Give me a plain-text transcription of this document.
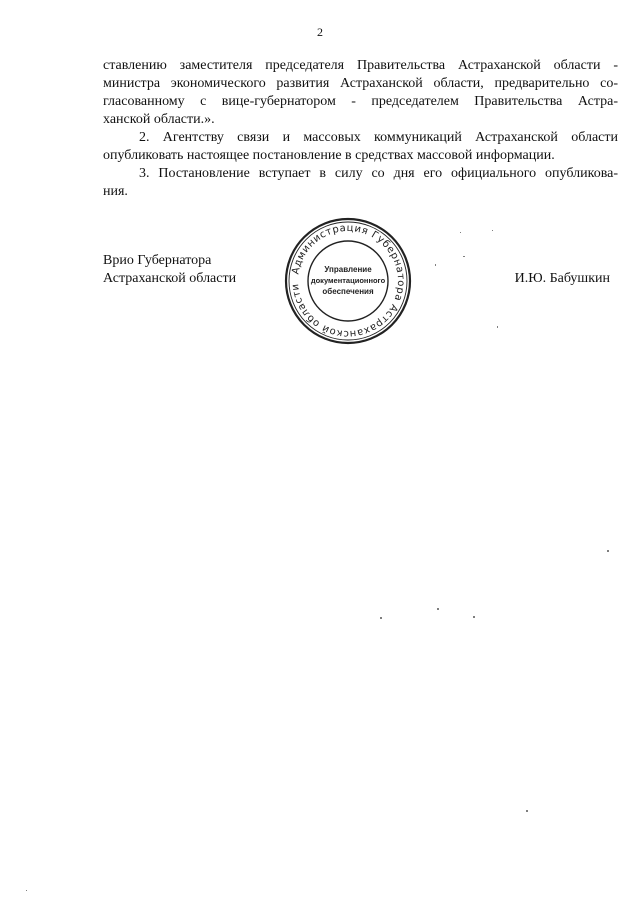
2

ставлению заместителя председателя Правительства Астраханской области -
министра экономического развития Астраханской области, предварительно со-
гласованному с вице-губернатором - председателем Правительства Астра-
ханской области.».

2. Агентству связи и массовых коммуникаций Астраханской области
опубликовать настоящее постановление в средствах массовой информации.

3. Постановление вступает в силу со дня его официального опубликова-
ния.

Врио Губернатора
Астраханской области	И.Ю. Бабушкин
Администрация Губернатора Астраханской области
Управление
документационного
обеспечения
